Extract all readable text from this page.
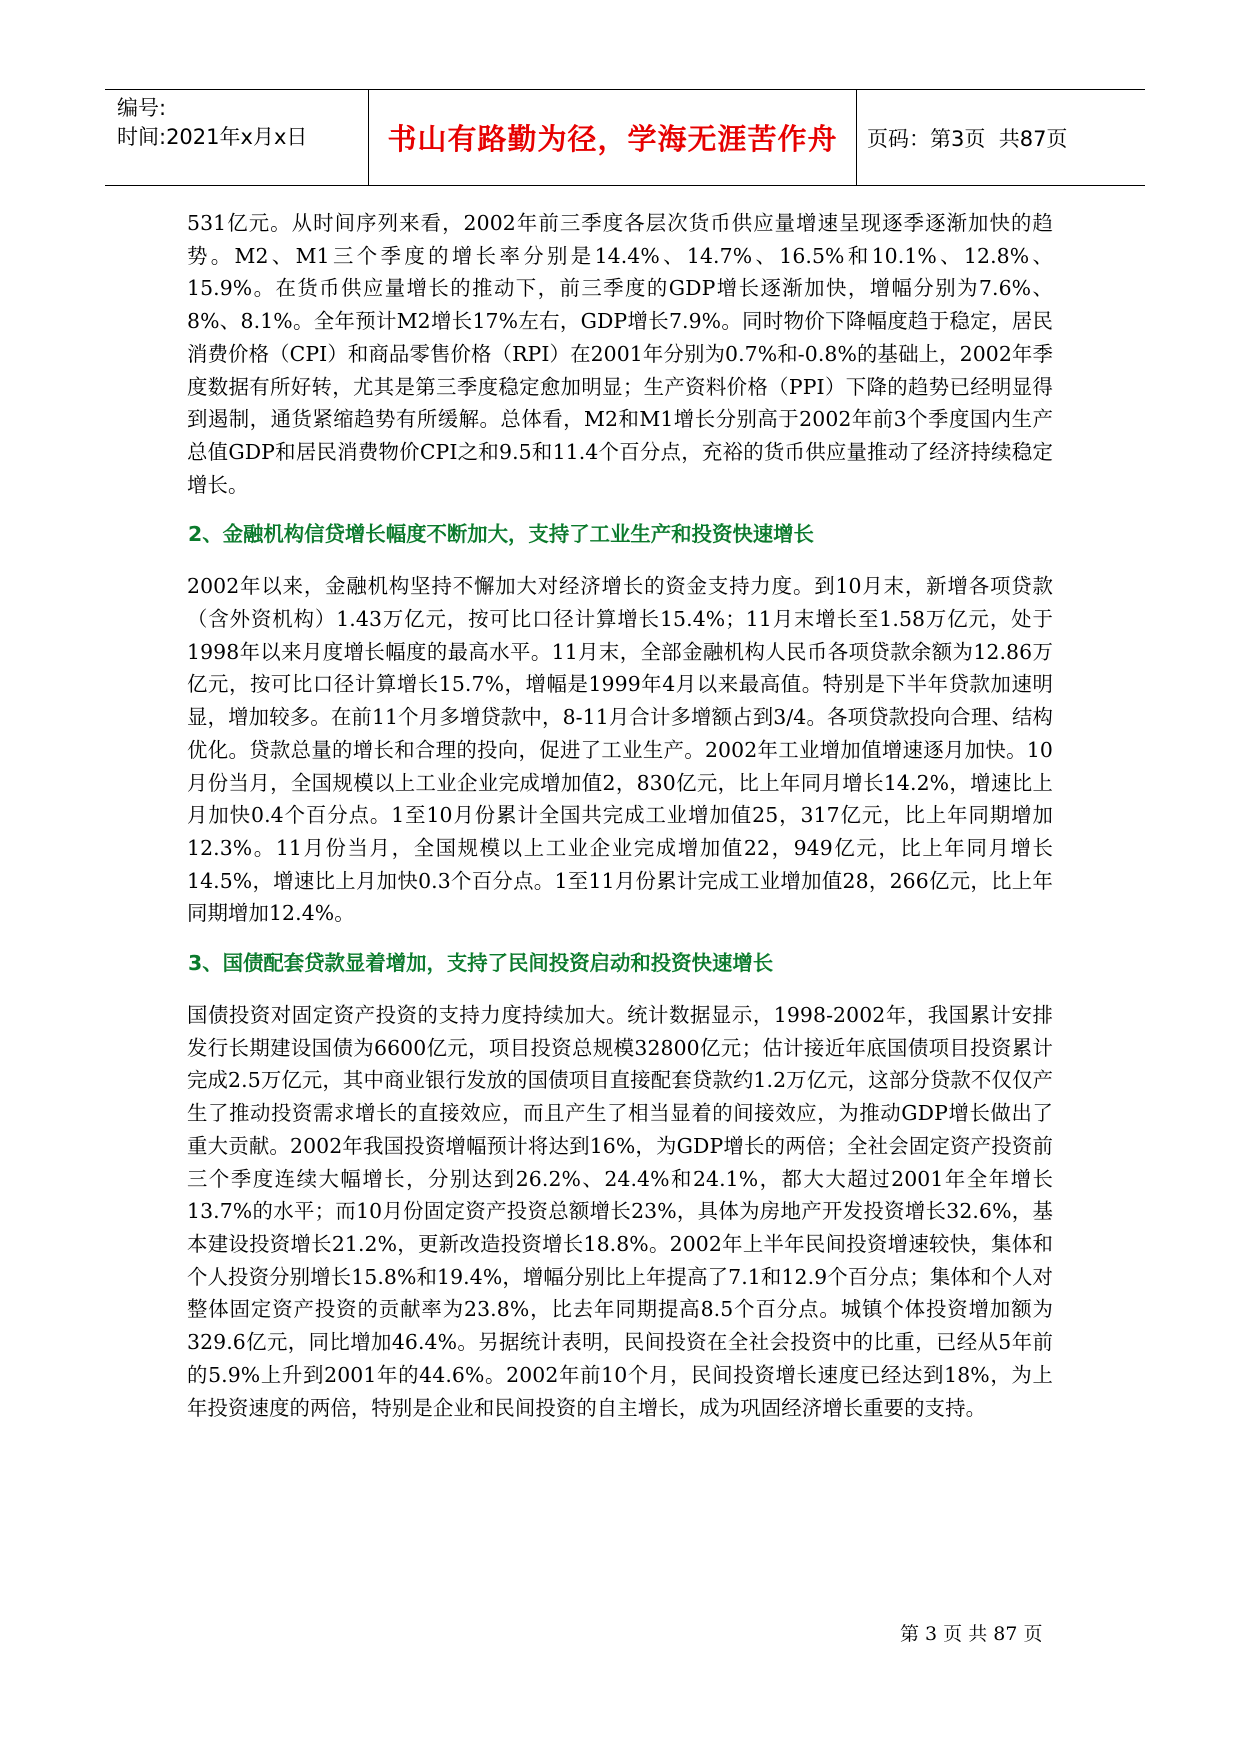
编号:
时间:2021年x月x日	书山有路勤为径，学海无涯苦作舟	页码：第3页  共87页

531亿元。从时间序列来看，2002年前三季度各层次货币供应量增速呈现逐季逐渐加快的趋势。M2、M1三个季度的增长率分别是14.4%、14.7%、16.5%和10.1%、12.8%、15.9%。在货币供应量增长的推动下，前三季度的GDP增长逐渐加快，增幅分别为7.6%、8%、8.1%。全年预计M2增长17%左右，GDP增长7.9%。同时物价下降幅度趋于稳定，居民消费价格（CPI）和商品零售价格（RPI）在2001年分别为0.7%和-0.8%的基础上，2002年季度数据有所好转，尤其是第三季度稳定愈加明显；生产资料价格（PPI）下降的趋势已经明显得到遏制，通货紧缩趋势有所缓解。总体看，M2和M1增长分别高于2002年前3个季度国内生产总值GDP和居民消费物价CPI之和9.5和11.4个百分点，充裕的货币供应量推动了经济持续稳定增长。

2、金融机构信贷增长幅度不断加大，支持了工业生产和投资快速增长

2002年以来，金融机构坚持不懈加大对经济增长的资金支持力度。到10月末，新增各项贷款（含外资机构）1.43万亿元，按可比口径计算增长15.4%；11月末增长至1.58万亿元，处于1998年以来月度增长幅度的最高水平。11月末，全部金融机构人民币各项贷款余额为12.86万亿元，按可比口径计算增长15.7%，增幅是1999年4月以来最高值。特别是下半年贷款加速明显，增加较多。在前11个月多增贷款中，8-11月合计多增额占到3/4。各项贷款投向合理、结构优化。贷款总量的增长和合理的投向，促进了工业生产。2002年工业增加值增速逐月加快。10月份当月，全国规模以上工业企业完成增加值2，830亿元，比上年同月增长14.2%，增速比上月加快0.4个百分点。1至10月份累计全国共完成工业增加值25，317亿元，比上年同期增加12.3%。11月份当月，全国规模以上工业企业完成增加值22，949亿元，比上年同月增长14.5%，增速比上月加快0.3个百分点。1至11月份累计完成工业增加值28，266亿元，比上年同期增加12.4%。

3、国债配套贷款显着增加，支持了民间投资启动和投资快速增长

国债投资对固定资产投资的支持力度持续加大。统计数据显示，1998-2002年，我国累计安排发行长期建设国债为6600亿元，项目投资总规模32800亿元；估计接近年底国债项目投资累计完成2.5万亿元，其中商业银行发放的国债项目直接配套贷款约1.2万亿元，这部分贷款不仅仅产生了推动投资需求增长的直接效应，而且产生了相当显着的间接效应，为推动GDP增长做出了重大贡献。2002年我国投资增幅预计将达到16%，为GDP增长的两倍；全社会固定资产投资前三个季度连续大幅增长，分别达到26.2%、24.4%和24.1%，都大大超过2001年全年增长13.7%的水平；而10月份固定资产投资总额增长23%，具体为房地产开发投资增长32.6%，基本建设投资增长21.2%，更新改造投资增长18.8%。2002年上半年民间投资增速较快，集体和个人投资分别增长15.8%和19.4%，增幅分别比上年提高了7.1和12.9个百分点；集体和个人对整体固定资产投资的贡献率为23.8%，比去年同期提高8.5个百分点。城镇个体投资增加额为329.6亿元，同比增加46.4%。另据统计表明，民间投资在全社会投资中的比重，已经从5年前的5.9%上升到2001年的44.6%。2002年前10个月，民间投资增长速度已经达到18%，为上年投资速度的两倍，特别是企业和民间投资的自主增长，成为巩固经济增长重要的支持。

第 3 页 共 87 页
